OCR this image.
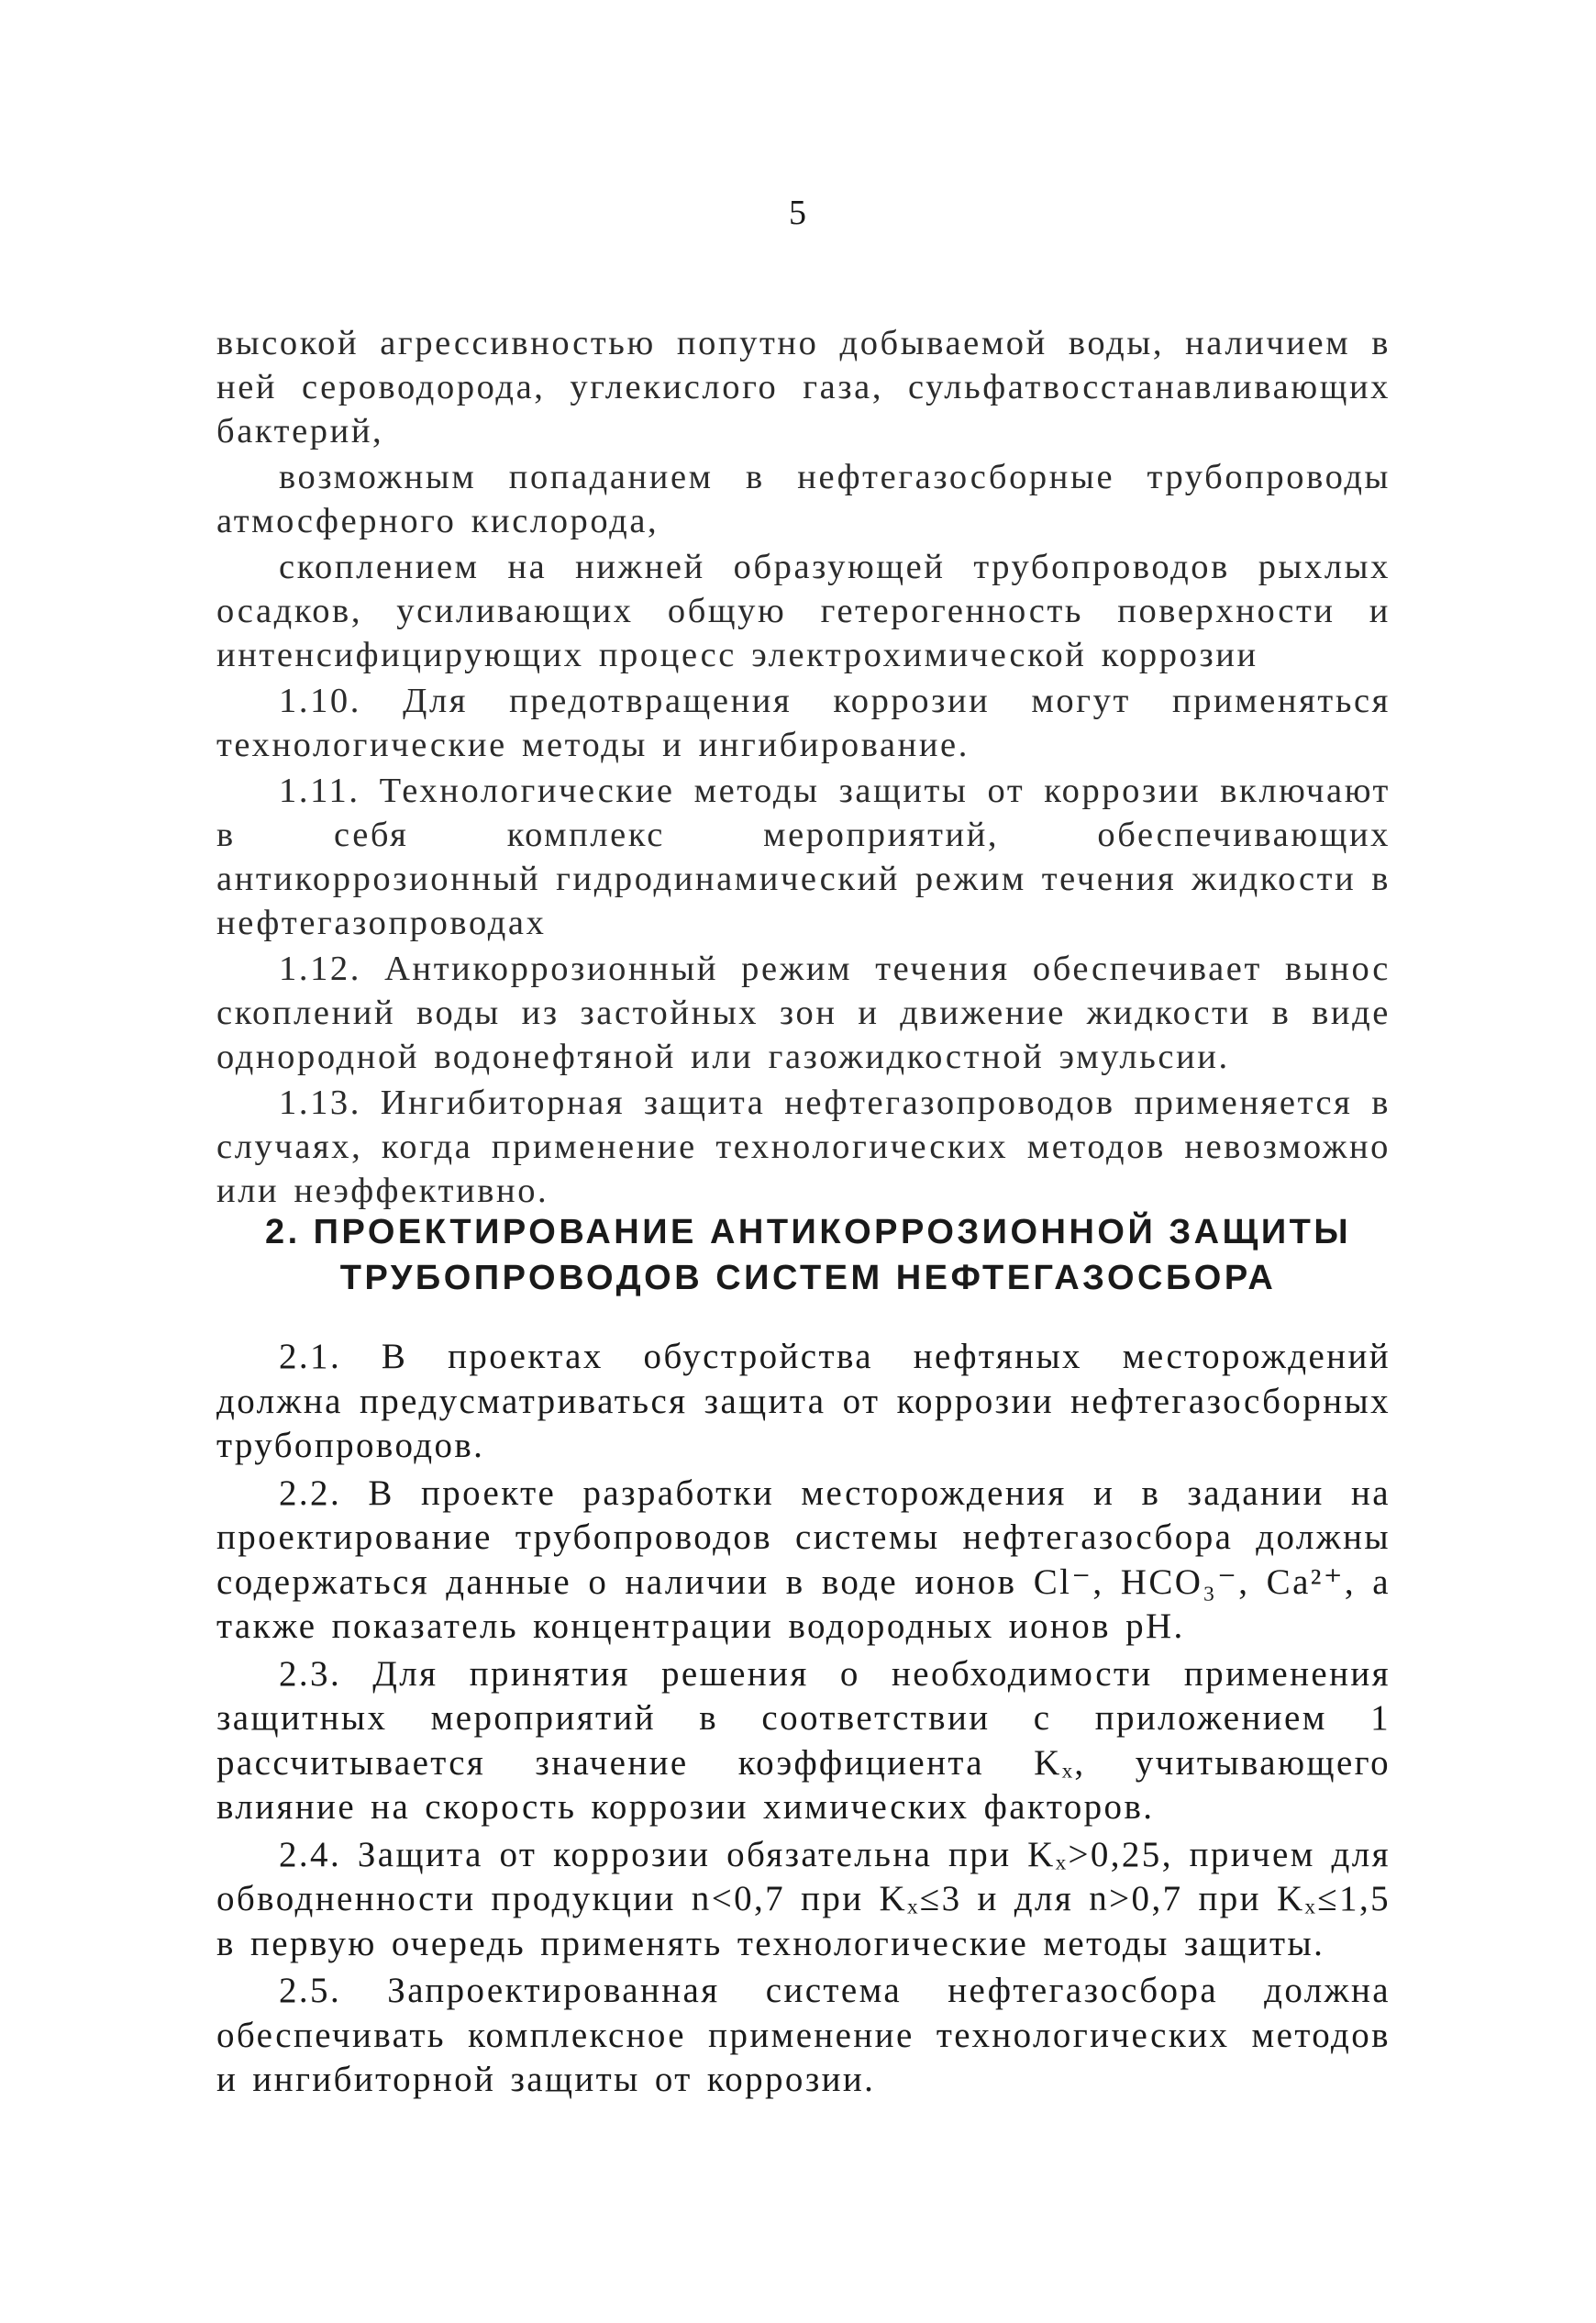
5

высокой агрессивностью попутно добываемой воды, наличием в ней сероводорода, углекислого газа, сульфатвосстанавливающих бактерий,

возможным попаданием в нефтегазосборные трубопроводы атмосферного кислорода,

скоплением на нижней образующей трубопроводов рыхлых осадков, усиливающих общую гетерогенность поверхности и интенсифицирующих процесс электрохимической коррозии

1.10. Для предотвращения коррозии могут применяться технологические методы и ингибирование.

1.11. Технологические методы защиты от коррозии включают в себя комплекс мероприятий, обеспечивающих антикоррозионный гидродинамический режим течения жидкости в нефтегазопроводах

1.12. Антикоррозионный режим течения обеспечивает вынос скоплений воды из застойных зон и движение жидкости в виде однородной водонефтяной или газожидкостной эмульсии.

1.13. Ингибиторная защита нефтегазопроводов применяется в случаях, когда применение технологических методов невозможно или неэффективно.

2. ПРОЕКТИРОВАНИЕ АНТИКОРРОЗИОННОЙ ЗАЩИТЫ
ТРУБОПРОВОДОВ СИСТЕМ НЕФТЕГАЗОСБОРА

2.1. В проектах обустройства нефтяных месторождений должна предусматриваться защита от коррозии нефтегазосборных трубопроводов.

2.2. В проекте разработки месторождения и в задании на проектирование трубопроводов системы нефтегазосбора должны содержаться данные о наличии в воде ионов Cl⁻, HCO₃⁻, Ca²⁺, а также показатель концентрации водородных ионов рН.

2.3. Для принятия решения о необходимости применения защитных мероприятий в соответствии с приложением 1 рассчитывается значение коэффициента Kₓ, учитывающего влияние на скорость коррозии химических факторов.

2.4. Защита от коррозии обязательна при Kₓ>0,25, причем для обводненности продукции n<0,7 при Kₓ≤3 и для n>0,7 при Kₓ≤1,5 в первую очередь применять технологические методы защиты.

2.5. Запроектированная система нефтегазосбора должна обеспечивать комплексное применение технологических методов и ингибиторной защиты от коррозии.
